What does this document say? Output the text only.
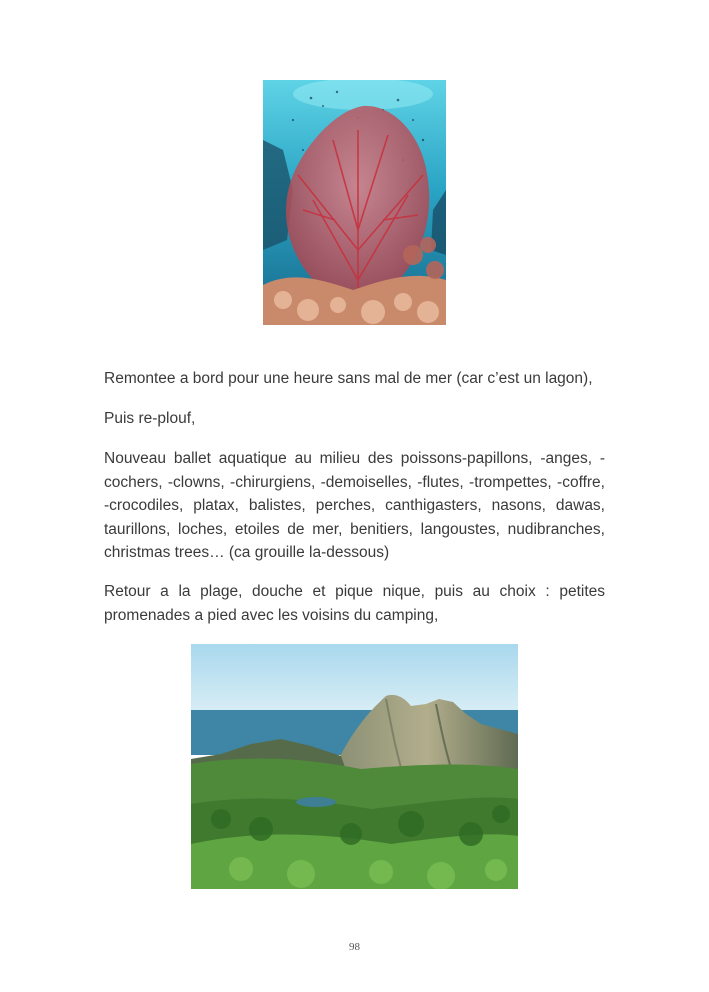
Remontee a bord pour une heure sans mal de mer (car c’est un lagon),

Puis re-plouf,

Nouveau ballet aquatique au milieu des poissons-papillons, -anges, -cochers, -clowns, -chirurgiens, -demoiselles, -flutes, -trompettes, -coffre, -crocodiles, platax, balistes, perches, canthigasters, nasons, dawas, taurillons, loches, etoiles de mer, benitiers, langoustes, nudibranches, christmas trees… (ca grouille la-dessous)

Retour a la plage, douche et pique nique, puis au choix : petites promenades a pied avec les voisins du camping,

98
